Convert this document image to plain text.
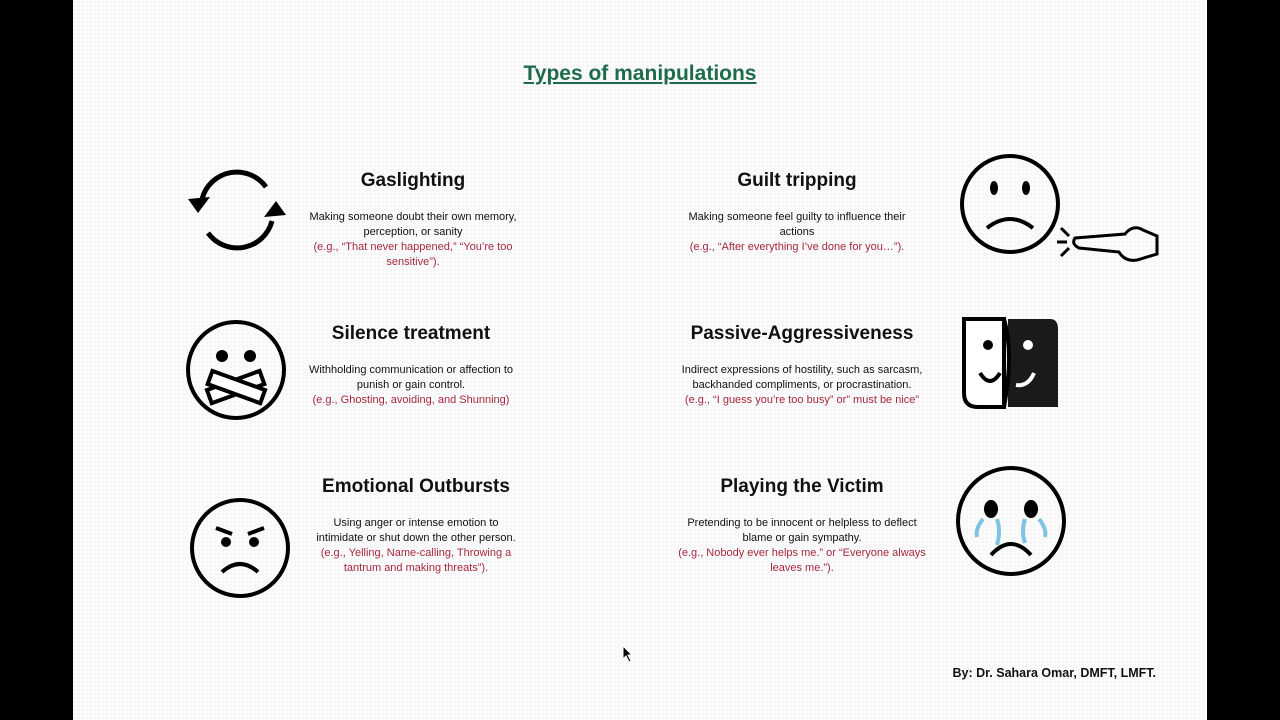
Types of manipulations
Gaslighting
Making someone doubt their own memory,
perception, or sanity
(e.g., “That never happened,” “You’re too
sensitive”).
Guilt tripping
Making someone feel guilty to influence their
actions
(e.g., “After everything I’ve done for you…”).
Silence treatment
Withholding communication or affection to
punish or gain control.
(e.g., Ghosting, avoiding, and Shunning)
Passive-Aggressiveness
Indirect expressions of hostility, such as sarcasm,
backhanded compliments, or procrastination.
(e.g., “I guess you’re too busy” or” must be nice”
Emotional Outbursts
Using anger or intense emotion to
intimidate or shut down the other person.
(e.g., Yelling, Name-calling, Throwing a
tantrum and making threats”).
Playing the Victim
Pretending to be innocent or helpless to deflect
blame or gain sympathy.
(e.g., Nobody ever helps me.” or “Everyone always
leaves me.”).
By: Dr. Sahara Omar, DMFT, LMFT.
